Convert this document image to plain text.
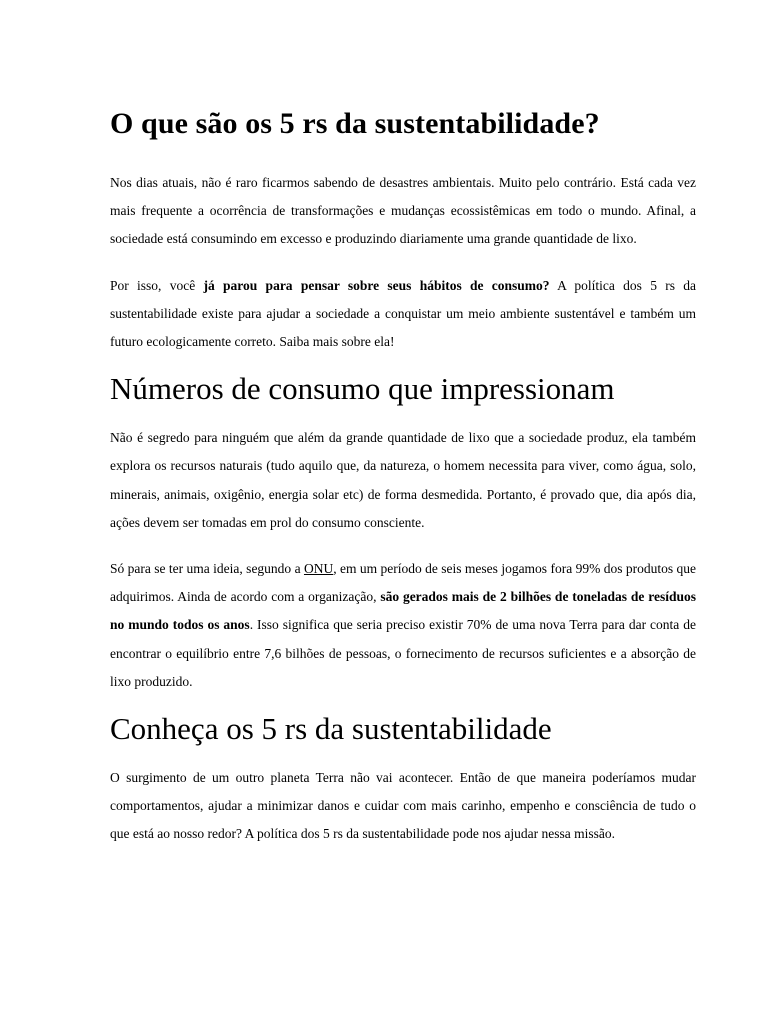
O que são os 5 rs da sustentabilidade?

Nos dias atuais, não é raro ficarmos sabendo de desastres ambientais. Muito pelo contrário. Está cada vez mais frequente a ocorrência de transformações e mudanças ecossistêmicas em todo o mundo. Afinal, a sociedade está consumindo em excesso e produzindo diariamente uma grande quantidade de lixo.

Por isso, você já parou para pensar sobre seus hábitos de consumo? A política dos 5 rs da sustentabilidade existe para ajudar a sociedade a conquistar um meio ambiente sustentável e também um futuro ecologicamente correto. Saiba mais sobre ela!

Números de consumo que impressionam

Não é segredo para ninguém que além da grande quantidade de lixo que a sociedade produz, ela também explora os recursos naturais (tudo aquilo que, da natureza, o homem necessita para viver, como água, solo, minerais, animais, oxigênio, energia solar etc) de forma desmedida. Portanto, é provado que, dia após dia, ações devem ser tomadas em prol do consumo consciente.

Só para se ter uma ideia, segundo a ONU, em um período de seis meses jogamos fora 99% dos produtos que adquirimos. Ainda de acordo com a organização, são gerados mais de 2 bilhões de toneladas de resíduos no mundo todos os anos. Isso significa que seria preciso existir 70% de uma nova Terra para dar conta de encontrar o equilíbrio entre 7,6 bilhões de pessoas, o fornecimento de recursos suficientes e a absorção de lixo produzido.

Conheça os 5 rs da sustentabilidade

O surgimento de um outro planeta Terra não vai acontecer. Então de que maneira poderíamos mudar comportamentos, ajudar a minimizar danos e cuidar com mais carinho, empenho e consciência de tudo o que está ao nosso redor? A política dos 5 rs da sustentabilidade pode nos ajudar nessa missão.
